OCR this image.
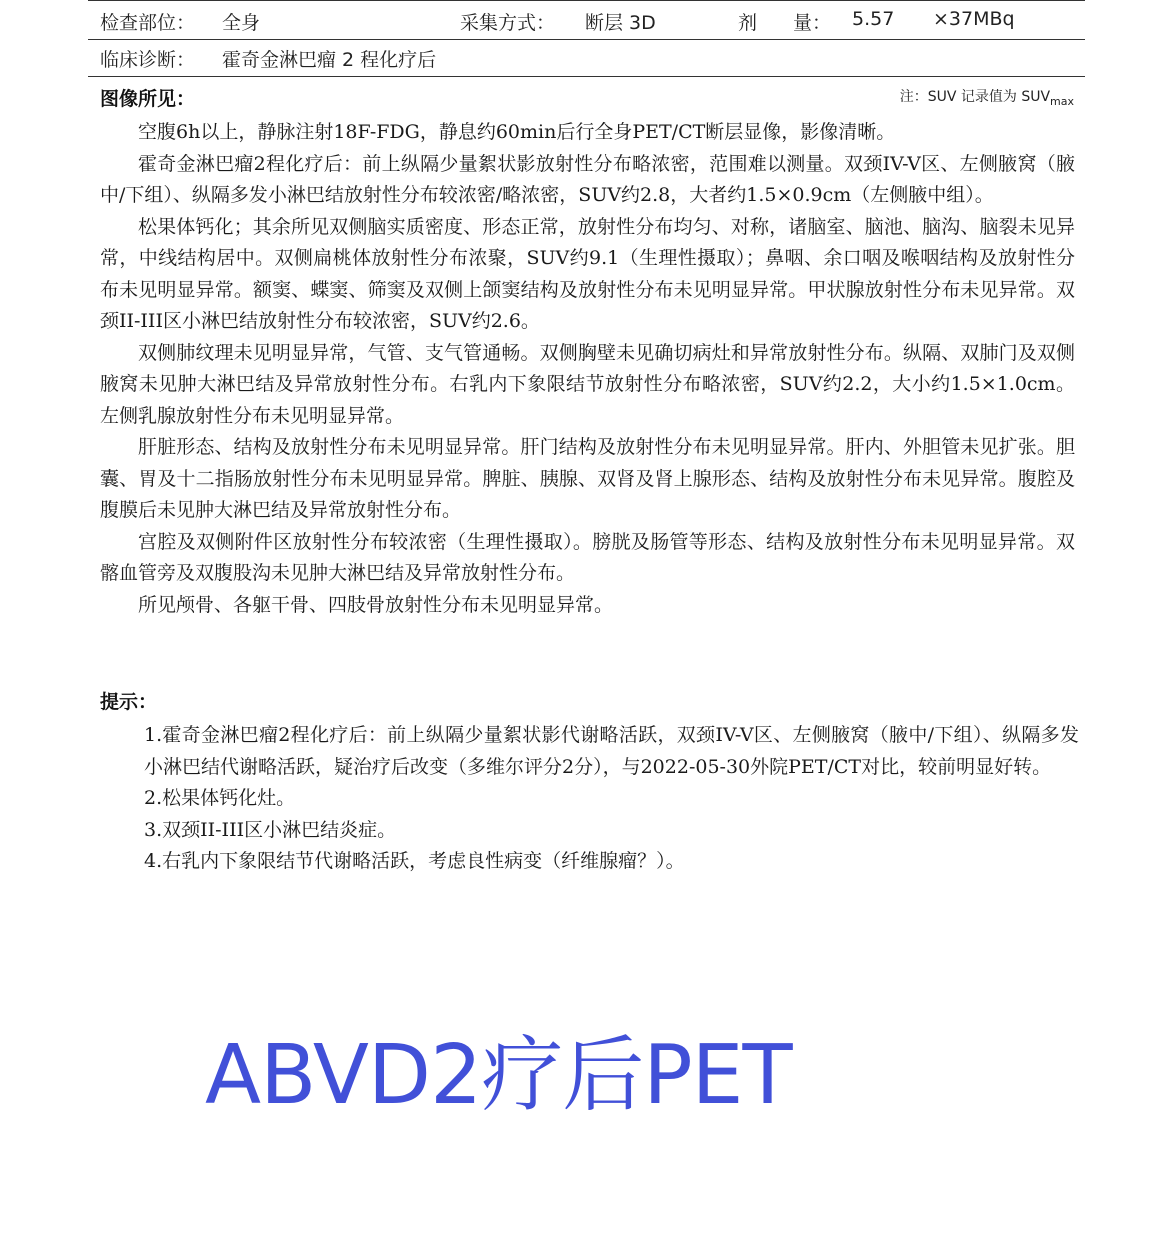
检查部位： 全身	采集方式： 断层 3D	剂 量： 5.57 ×37MBq
临床诊断： 霍奇金淋巴瘤 2 程化疗后
图像所见：	注：SUV 记录值为 $SUV_{max}$

空腹6h以上，静脉注射18F-FDG，静息约60min后行全身PET/CT断层显像，影像清晰。

霍奇金淋巴瘤2程化疗后：前上纵隔少量絮状影放射性分布略浓密，范围难以测量。双颈IV-V区、左侧腋窝（腋中/下组）、纵隔多发小淋巴结放射性分布较浓密/略浓密，SUV约2.8，大者约1.5×0.9cm（左侧腋中组）。

松果体钙化；其余所见双侧脑实质密度、形态正常，放射性分布均匀、对称，诸脑室、脑池、脑沟、脑裂未见异常，中线结构居中。双侧扁桃体放射性分布浓聚，SUV约9.1（生理性摄取）；鼻咽、余口咽及喉咽结构及放射性分布未见明显异常。额窦、蝶窦、筛窦及双侧上颌窦结构及放射性分布未见明显异常。甲状腺放射性分布未见异常。双颈II-III区小淋巴结放射性分布较浓密，SUV约2.6。

双侧肺纹理未见明显异常，气管、支气管通畅。双侧胸壁未见确切病灶和异常放射性分布。纵隔、双肺门及双侧腋窝未见肿大淋巴结及异常放射性分布。右乳内下象限结节放射性分布略浓密，SUV约2.2，大小约1.5×1.0cm。左侧乳腺放射性分布未见明显异常。

肝脏形态、结构及放射性分布未见明显异常。肝门结构及放射性分布未见明显异常。肝内、外胆管未见扩张。胆囊、胃及十二指肠放射性分布未见明显异常。脾脏、胰腺、双肾及肾上腺形态、结构及放射性分布未见异常。腹腔及腹膜后未见肿大淋巴结及异常放射性分布。

宫腔及双侧附件区放射性分布较浓密（生理性摄取）。膀胱及肠管等形态、结构及放射性分布未见明显异常。双髂血管旁及双腹股沟未见肿大淋巴结及异常放射性分布。

所见颅骨、各躯干骨、四肢骨放射性分布未见明显异常。

提示：

1.霍奇金淋巴瘤2程化疗后：前上纵隔少量絮状影代谢略活跃，双颈IV-V区、左侧腋窝（腋中/下组）、纵隔多发小淋巴结代谢略活跃，疑治疗后改变（多维尔评分2分），与2022-05-30外院PET/CT对比，较前明显好转。

2.松果体钙化灶。

3.双颈II-III区小淋巴结炎症。

4.右乳内下象限结节代谢略活跃，考虑良性病变（纤维腺瘤？）。

ABVD2疗后PET
